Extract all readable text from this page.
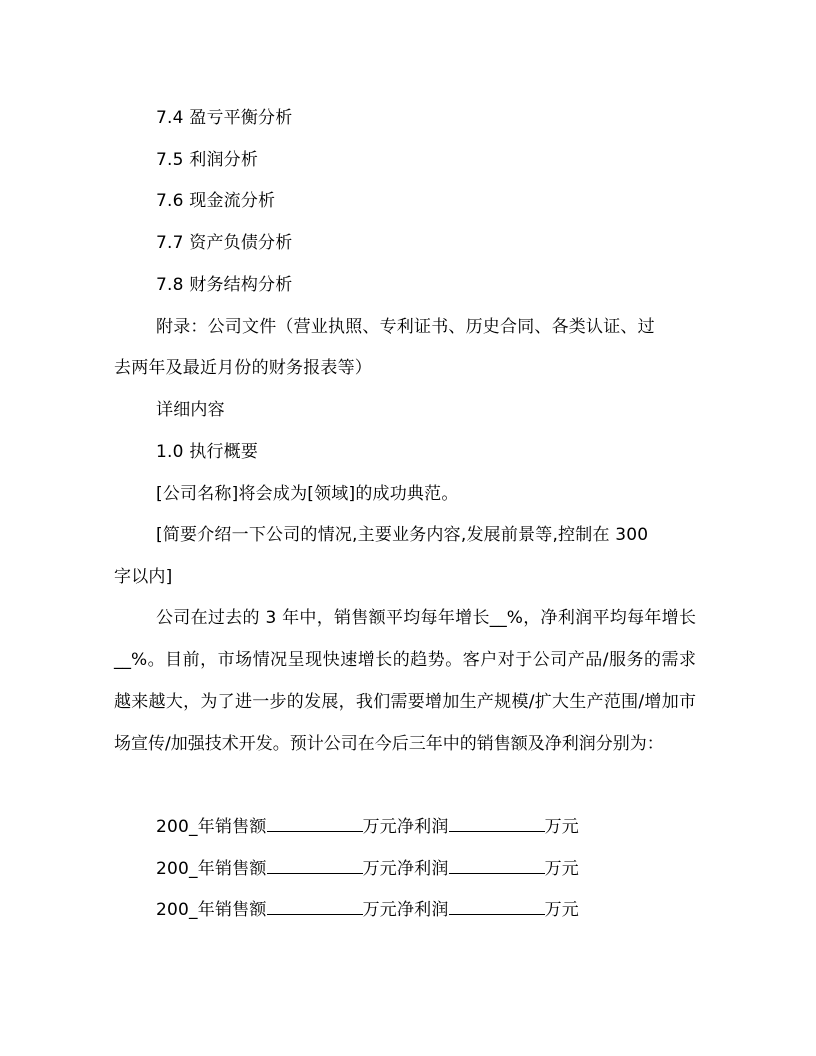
7.4 盈亏平衡分析
7.5 利润分析
7.6 现金流分析
7.7 资产负债分析
7.8 财务结构分析
附录：公司文件（营业执照、专利证书、历史合同、各类认证、过
去两年及最近月份的财务报表等）
详细内容
1.0 执行概要
[公司名称]将会成为[领域]的成功典范。
[简要介绍一下公司的情况,主要业务内容,发展前景等,控制在 300
字以内]
公司在过去的 3 年中，销售额平均每年增长__%，净利润平均每年增长__%。目前，市场情况呈现快速增长的趋势。客户对于公司产品/服务的需求越来越大，为了进一步的发展，我们需要增加生产规模/扩大生产范围/增加市场宣传/加强技术开发。预计公司在今后三年中的销售额及净利润分别为：
200_年销售额	万元净利润	万元
200_年销售额	万元净利润	万元
200_年销售额	万元净利润	万元
